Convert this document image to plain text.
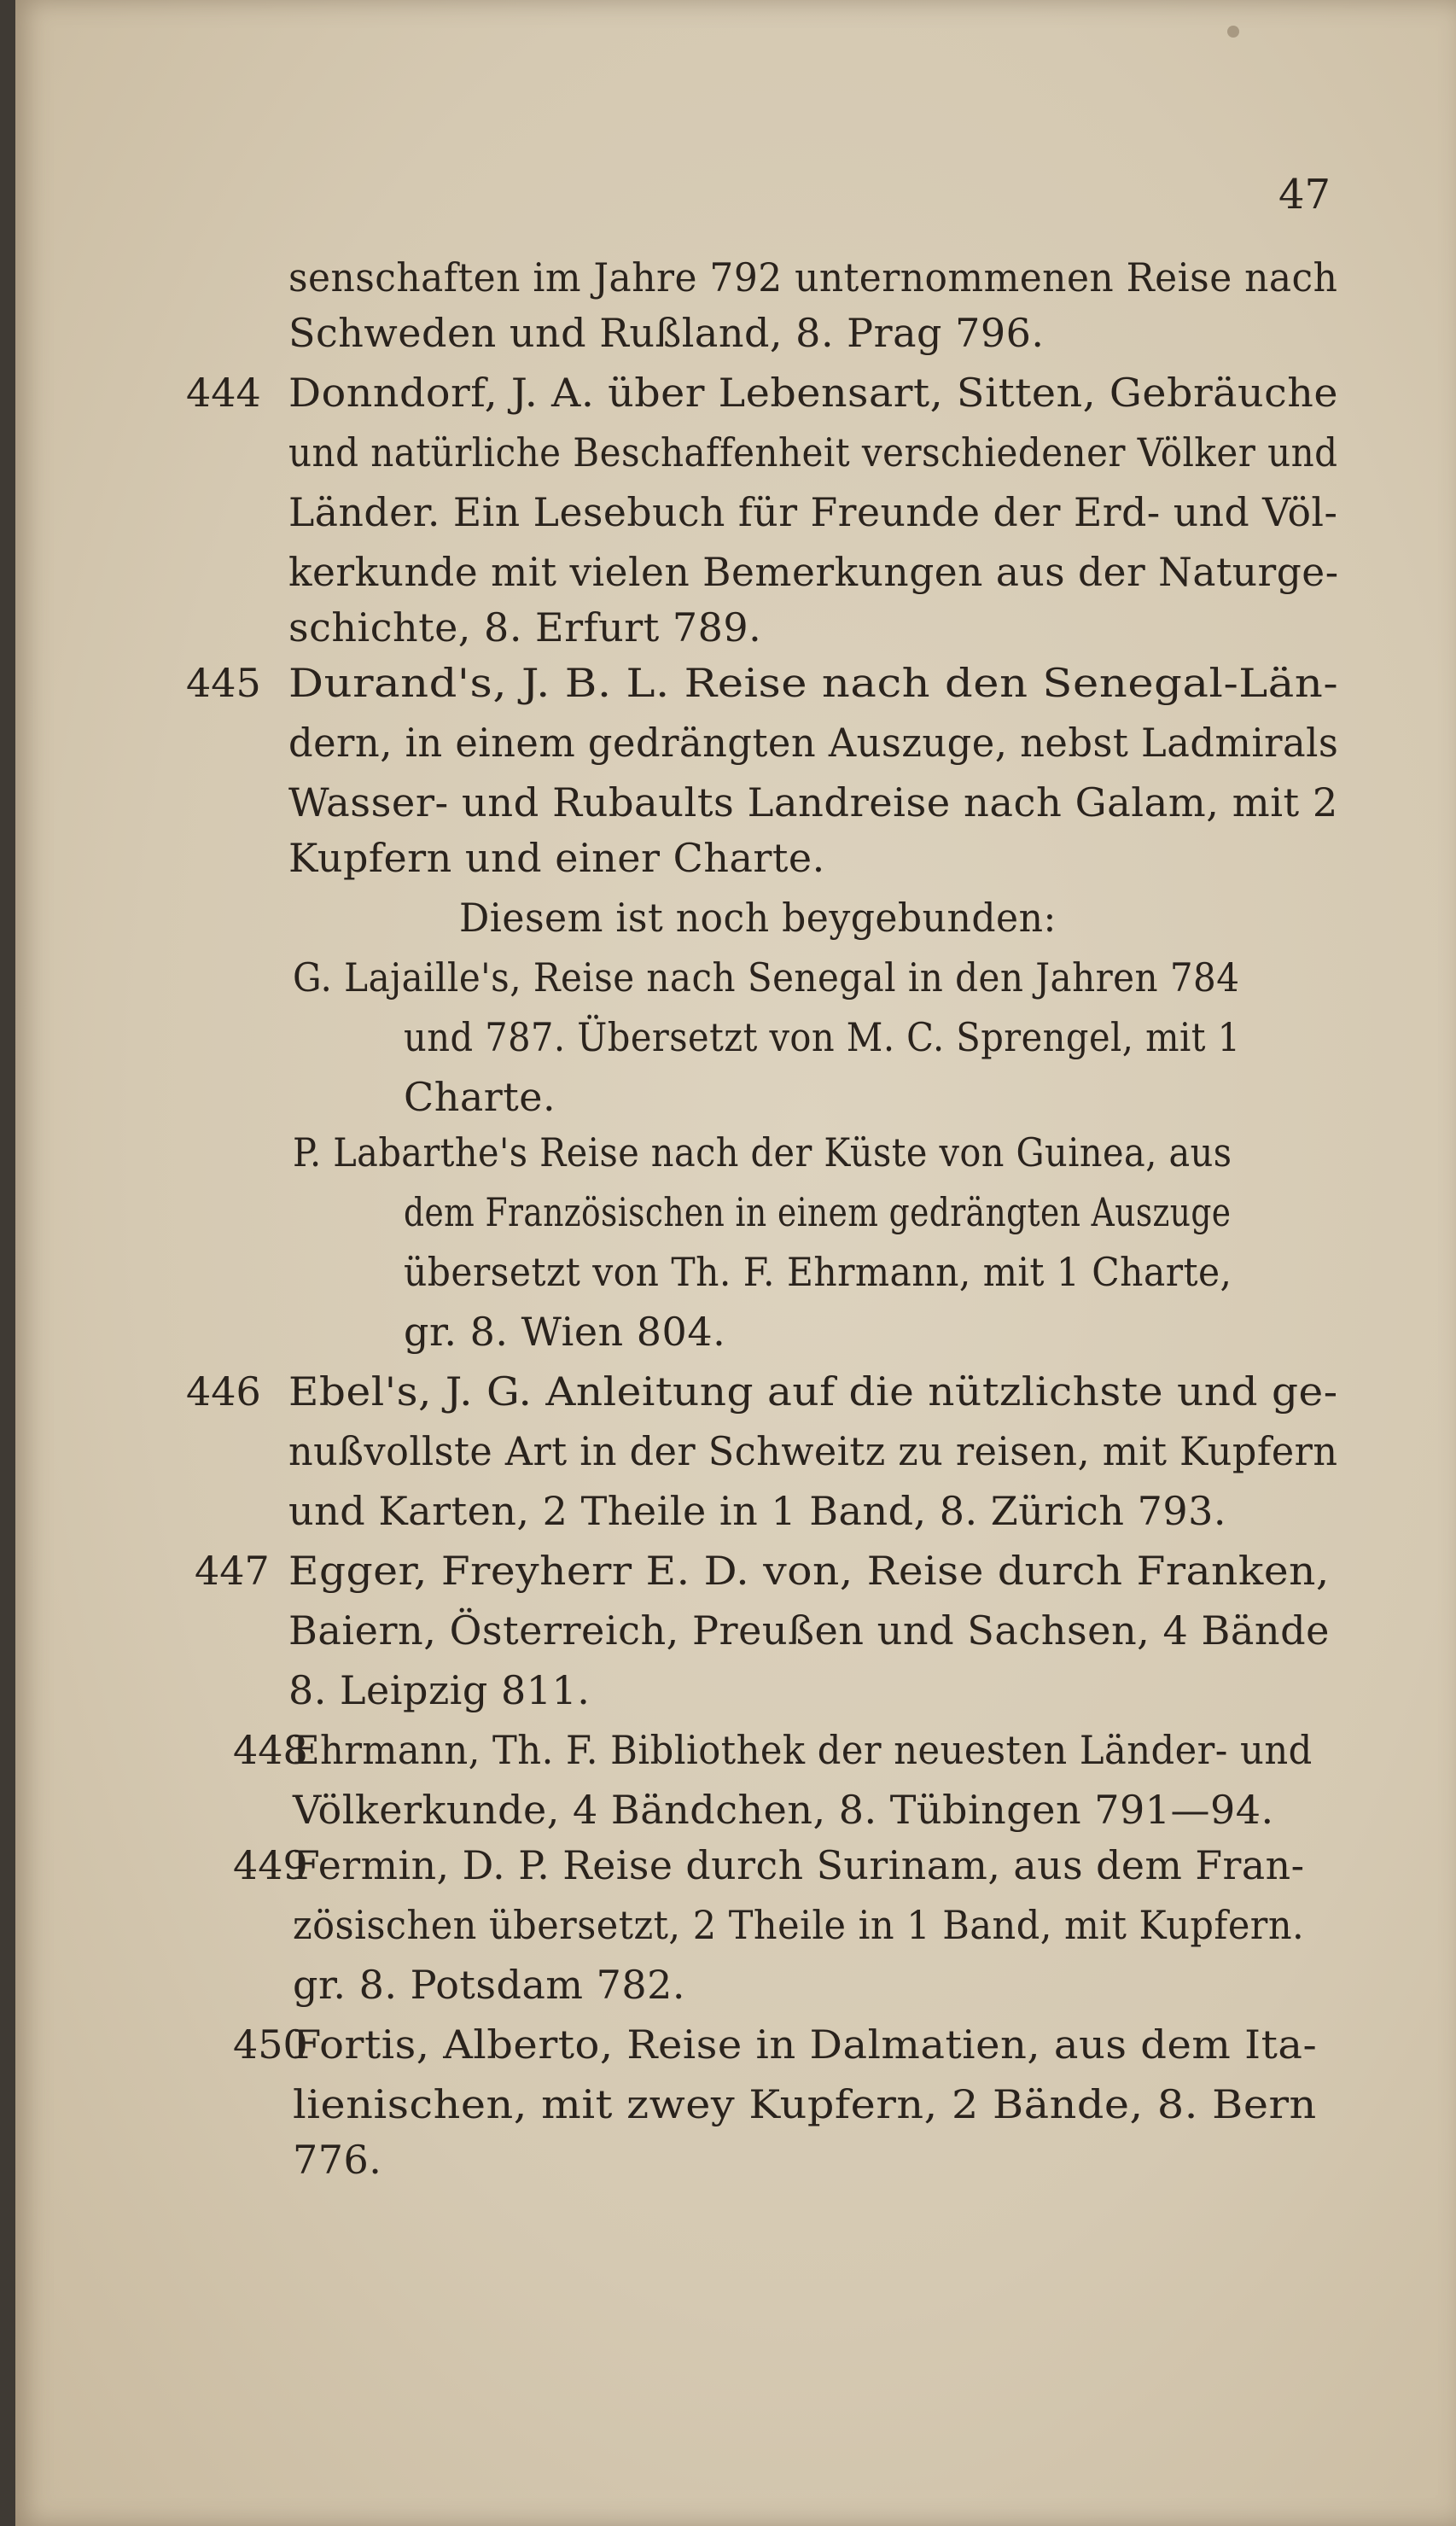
47
senschaften im Jahre 792 unternommenen Reise nach
Schweden und Rußland, 8. Prag 796.
444 Donndorf, J. A. über Lebensart, Sitten, Gebräuche
und natürliche Beschaffenheit verschiedener Völker und
Länder. Ein Lesebuch für Freunde der Erd- und Völ-
kerkunde mit vielen Bemerkungen aus der Naturge-
schichte, 8. Erfurt 789.
445 Durand's, J. B. L. Reise nach den Senegal-Län-
dern, in einem gedrängten Auszuge, nebst Ladmirals
Wasser- und Rubaults Landreise nach Galam, mit 2
Kupfern und einer Charte.
Diesem ist noch beygebunden:
G. Lajaille's, Reise nach Senegal in den Jahren 784
und 787. Übersetzt von M. C. Sprengel, mit 1
Charte.
P. Labarthe's Reise nach der Küste von Guinea, aus
dem Französischen in einem gedrängten Auszuge
übersetzt von Th. F. Ehrmann, mit 1 Charte,
gr. 8. Wien 804.
446 Ebel's, J. G. Anleitung auf die nützlichste und ge-
nußvollste Art in der Schweitz zu reisen, mit Kupfern
und Karten, 2 Theile in 1 Band, 8. Zürich 793.
447 Egger, Freyherr E. D. von, Reise durch Franken,
Baiern, Österreich, Preußen und Sachsen, 4 Bände
8. Leipzig 811.
448
Ehrmann, Th. F. Bibliothek der neuesten Länder- und
Völkerkunde, 4 Bändchen, 8. Tübingen 791—94.
449
Fermin, D. P. Reise durch Surinam, aus dem Fran-
zösischen übersetzt, 2 Theile in 1 Band, mit Kupfern.
gr. 8. Potsdam 782.
450
Fortis, Alberto, Reise in Dalmatien, aus dem Ita-
lienischen, mit zwey Kupfern, 2 Bände, 8. Bern
776.
